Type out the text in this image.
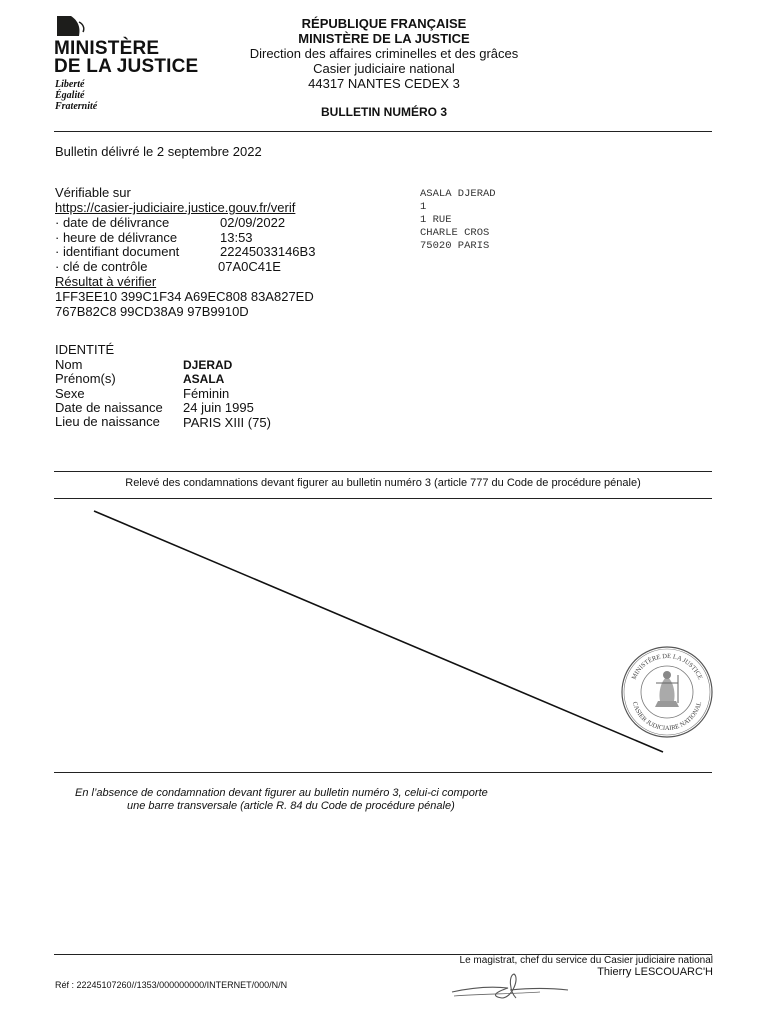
MINISTÈRE
DE LA JUSTICE
Liberté
Égalité
Fraternité
RÉPUBLIQUE FRANÇAISE
MINISTÈRE DE LA JUSTICE
Direction des affaires criminelles et des grâces
Casier judiciaire national
44317 NANTES CEDEX 3
BULLETIN NUMÉRO 3
Bulletin délivré le 2 septembre 2022
Vérifiable sur
https://casier-judiciaire.justice.gouv.fr/verif
· date de délivrance	02/09/2022
· heure de délivrance	13:53
· identifiant document	22245033146B3
· clé de contrôle	07A0C41E
Résultat à vérifier
1FF3EE10 399C1F34 A69EC808 83A827ED
767B82C8 99CD38A9 97B9910D
ASALA DJERAD
1
1 RUE
CHARLE CROS
75020 PARIS
IDENTITÉ
Nom	DJERAD
Prénom(s)	ASALA
Sexe	Féminin
Date de naissance 24 juin 1995
Lieu de naissance PARIS XIII (75)
Relevé des condamnations devant figurer au bulletin numéro 3 (article 777 du Code de procédure pénale)
MINISTÈRE DE LA JUSTICE
CASIER JUDICIAIRE NATIONAL
En l’absence de condamnation devant figurer au bulletin numéro 3, celui-ci comporte
une barre transversale (article R. 84 du Code de procédure pénale)
Le magistrat, chef du service du Casier judiciaire national
Thierry LESCOUARC'H
Réf : 22245107260//1353/000000000/INTERNET/000/N/N
